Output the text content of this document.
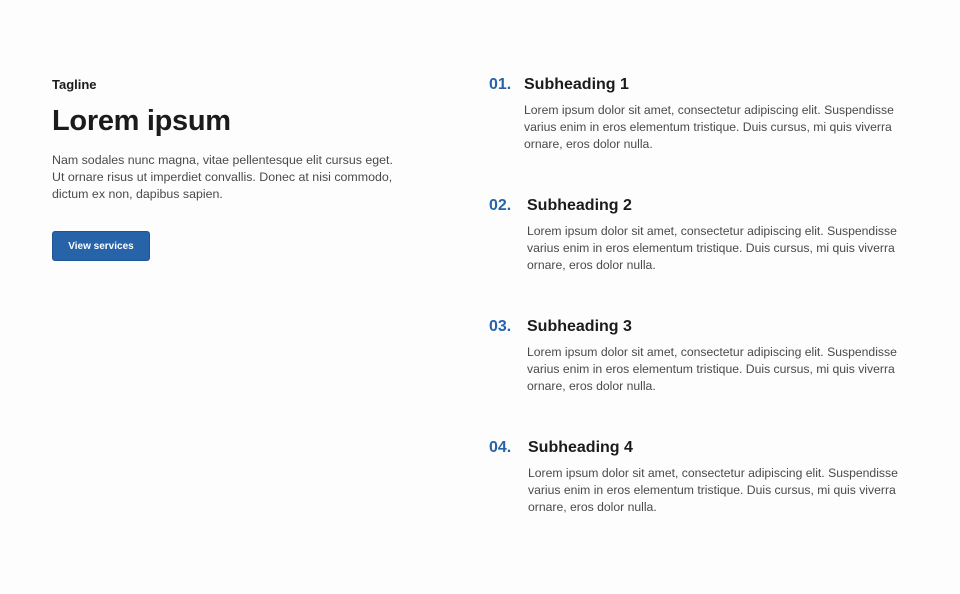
Tagline

Lorem ipsum

Nam sodales nunc magna, vitae pellentesque elit cursus eget. Ut ornare risus ut imperdiet convallis. Donec at nisi commodo, dictum ex non, dapibus sapien.

View services
01. Subheading 1

Lorem ipsum dolor sit amet, consectetur adipiscing elit. Suspendisse varius enim in eros elementum tristique. Duis cursus, mi quis viverra ornare, eros dolor nulla.

02. Subheading 2

Lorem ipsum dolor sit amet, consectetur adipiscing elit. Suspendisse varius enim in eros elementum tristique. Duis cursus, mi quis viverra ornare, eros dolor nulla.

03. Subheading 3

Lorem ipsum dolor sit amet, consectetur adipiscing elit. Suspendisse varius enim in eros elementum tristique. Duis cursus, mi quis viverra ornare, eros dolor nulla.

04. Subheading 4

Lorem ipsum dolor sit amet, consectetur adipiscing elit. Suspendisse varius enim in eros elementum tristique. Duis cursus, mi quis viverra ornare, eros dolor nulla.
